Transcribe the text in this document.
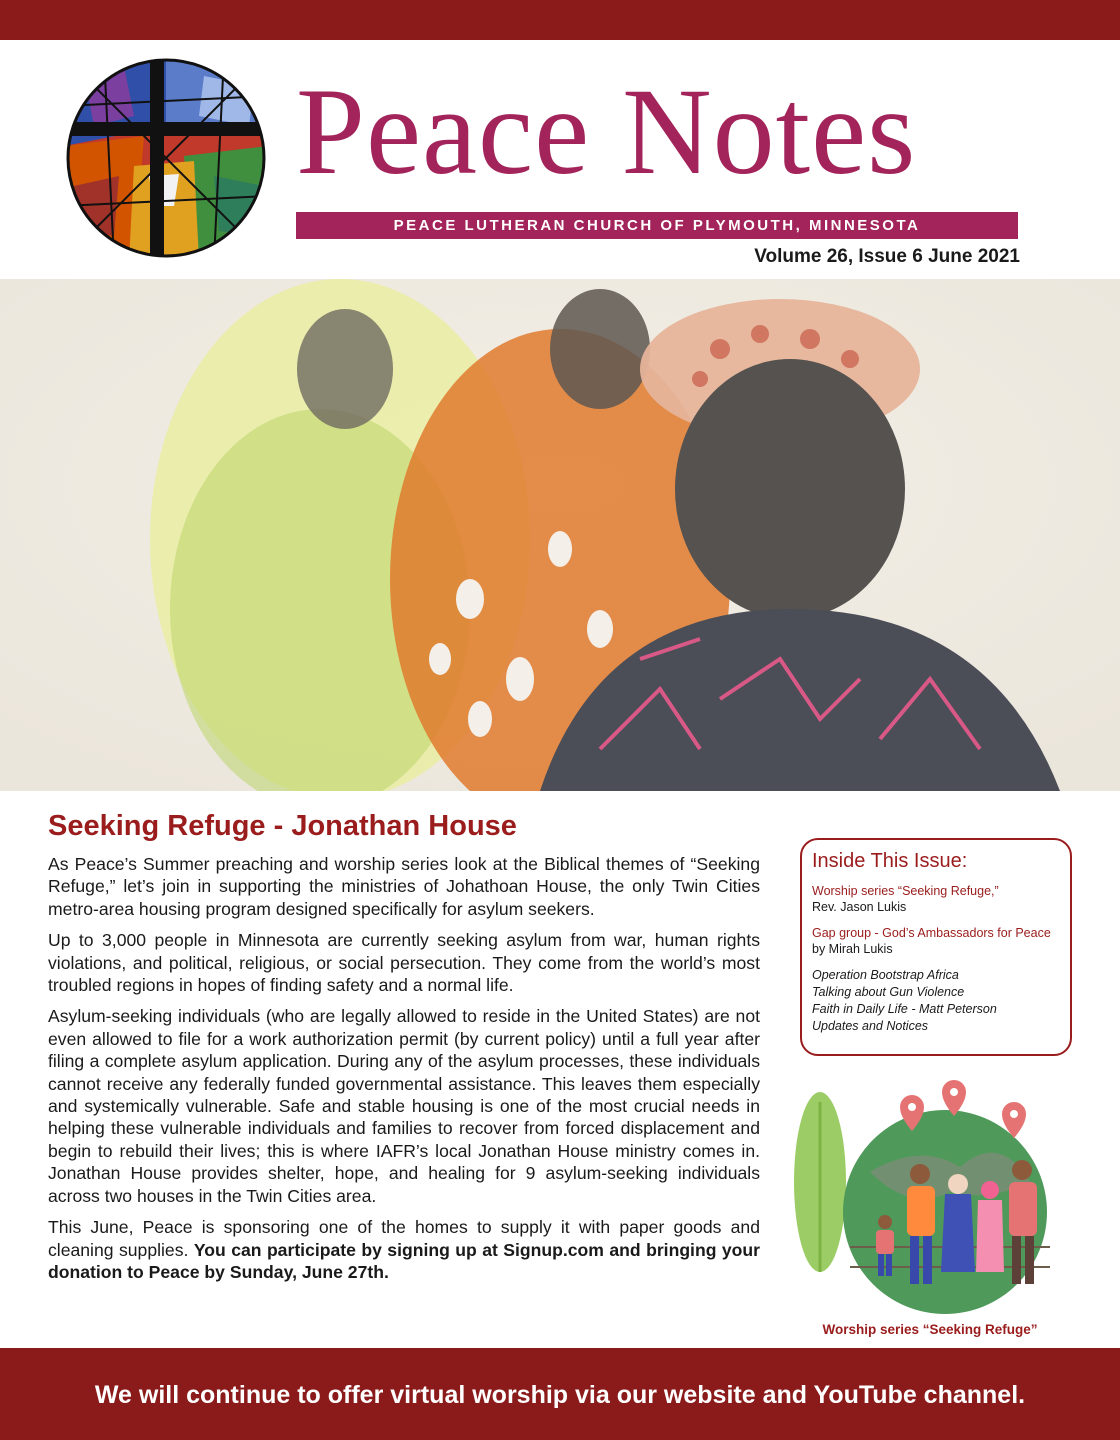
Peace Notes
PEACE LUTHERAN CHURCH OF PLYMOUTH, MINNESOTA
Volume 26, Issue 6 June 2021
Seeking Refuge - Jonathan House

As Peace’s Summer preaching and worship series look at the Biblical themes of “Seeking Refuge,” let’s join in supporting the ministries of Johathoan House, the only Twin Cities metro-area housing program designed specifically for asylum seekers.

Up to 3,000 people in Minnesota are currently seeking asylum from war, human rights violations, and political, religious, or social persecution. They come from the world’s most troubled regions in hopes of finding safety and a normal life.

Asylum-seeking individuals (who are legally allowed to reside in the United States) are not even allowed to file for a work authorization permit (by current policy) until a full year after filing a complete asylum application. During any of the asylum processes, these individuals cannot receive any federally funded governmental assistance. This leaves them especially and systemically vulnerable. Safe and stable housing is one of the most crucial needs in helping these vulnerable individuals and families to recover from forced displacement and begin to rebuild their lives; this is where IAFR’s local Jonathan House ministry comes in. Jonathan House provides shelter, hope, and healing for 9 asylum-seeking individuals across two houses in the Twin Cities area.

This June, Peace is sponsoring one of the homes to supply it with paper goods and cleaning supplies. You can participate by signing up at Signup.com and bringing your donation to Peace by Sunday, June 27th.

Inside This Issue:
Worship series “Seeking Refuge,”
Rev. Jason Lukis
Gap group - God’s Ambassadors for Peace by Mirah Lukis
Operation Bootstrap Africa
Talking about Gun Violence
Faith in Daily Life - Matt Peterson
Updates and Notices
Worship series “Seeking Refuge”
We will continue to offer virtual worship via our website and YouTube channel.
